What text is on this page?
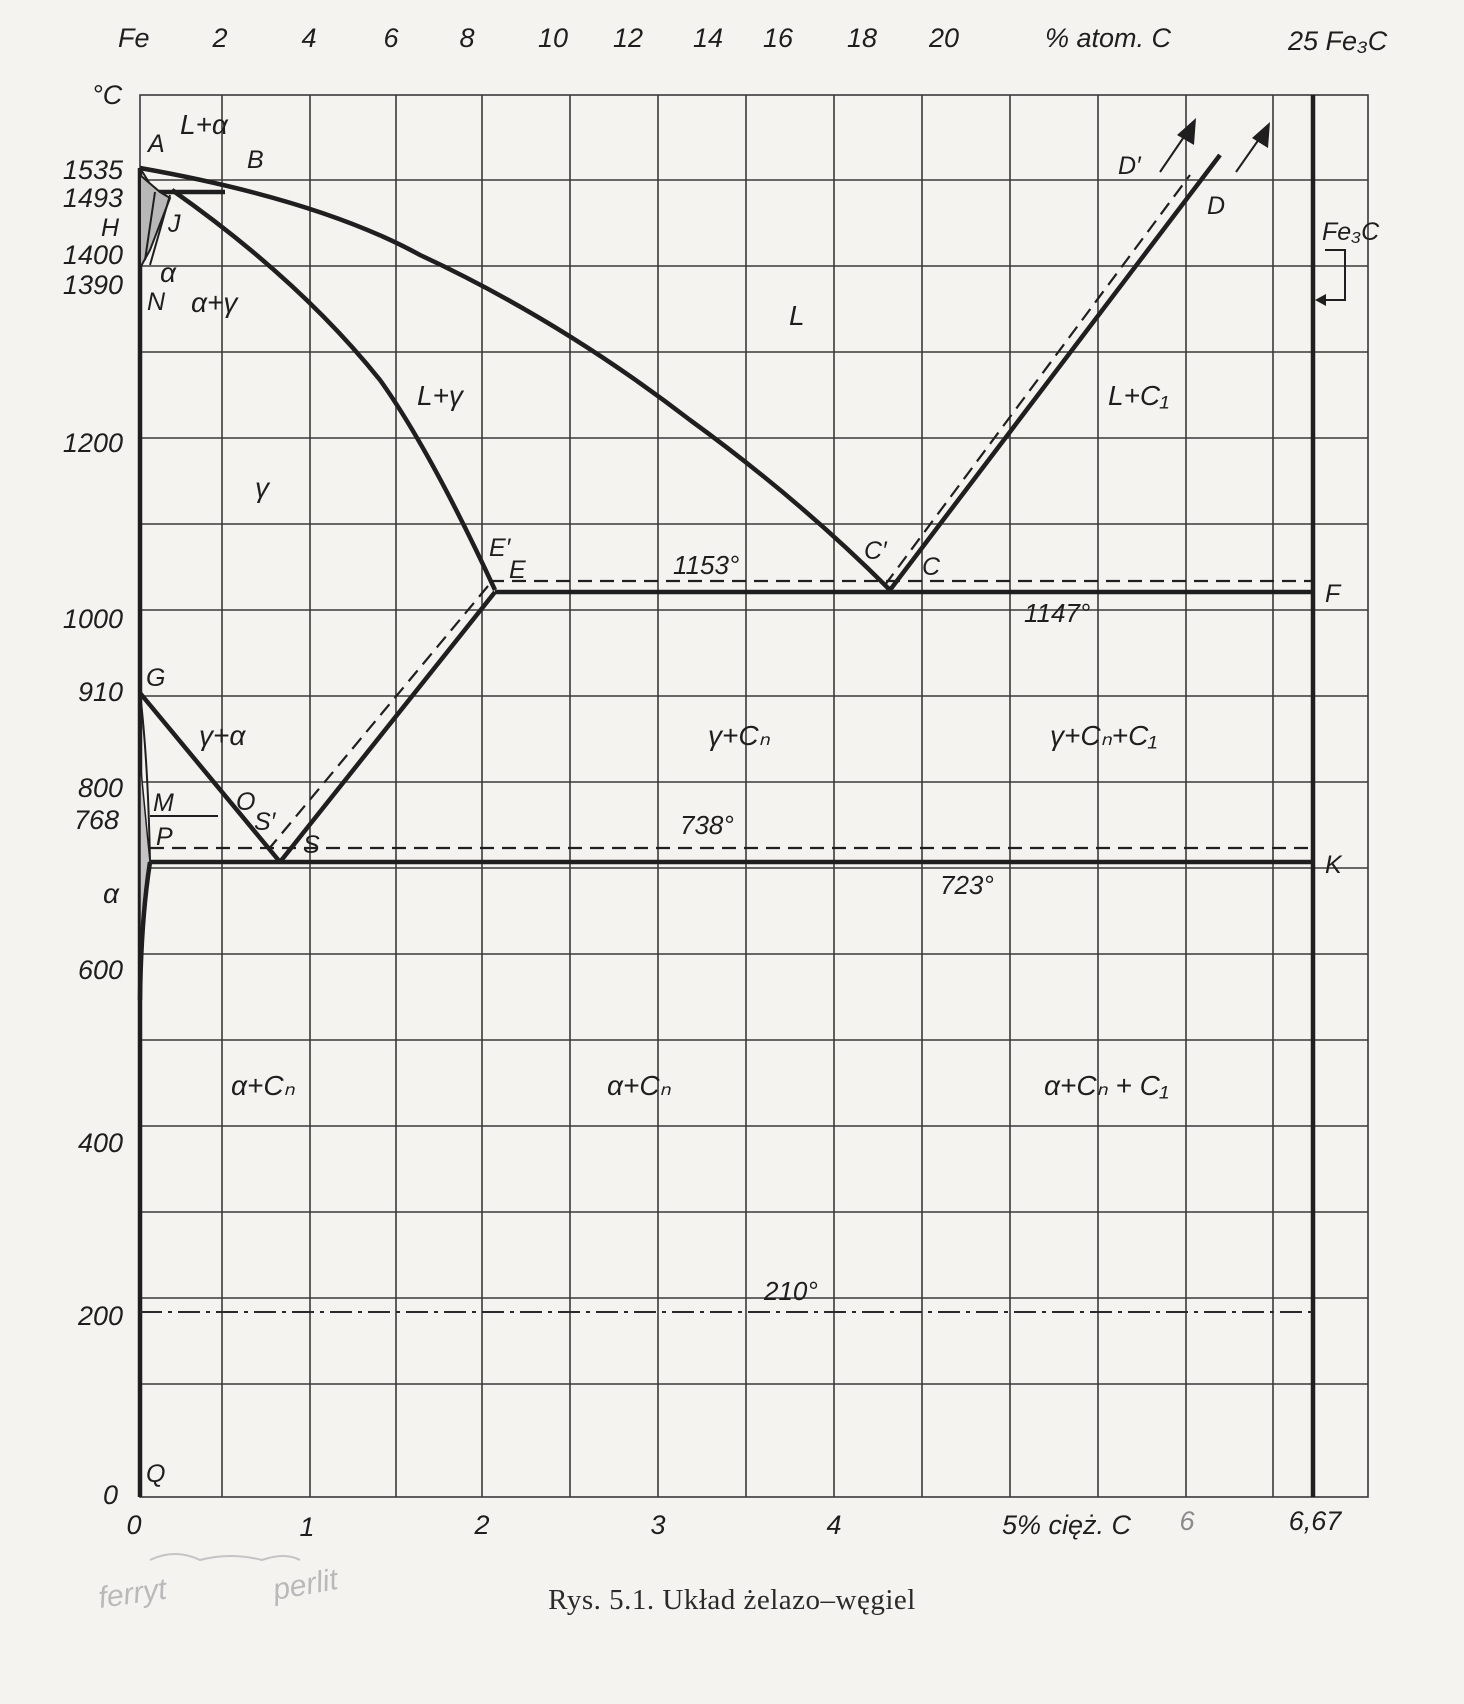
Fe 2	4 6 8 10 12 14 16 18 20	% atom. C	25 Fe₃C
°C
1535
1493
1400
1390
1200
1000
910
800
768
600
400
200
0
0	1	2	3	4	5% cięż. C 6	6,67
A
B
H J
N
D′
D
E′
E
C′
C
F
G
M O
S′
S
P
K
Q
Fe₃C
L+α
α
α+γ	L
L+γ	L+C₁
γ
γ+α	γ+Cₙ	γ+Cₙ+C₁
α
α+Cₙ	α+Cₙ	α+Cₙ + C₁
1153°
1147°
738°
723°
210°
ferryt	perlit	Rys. 5.1. Układ żelazo–węgiel
